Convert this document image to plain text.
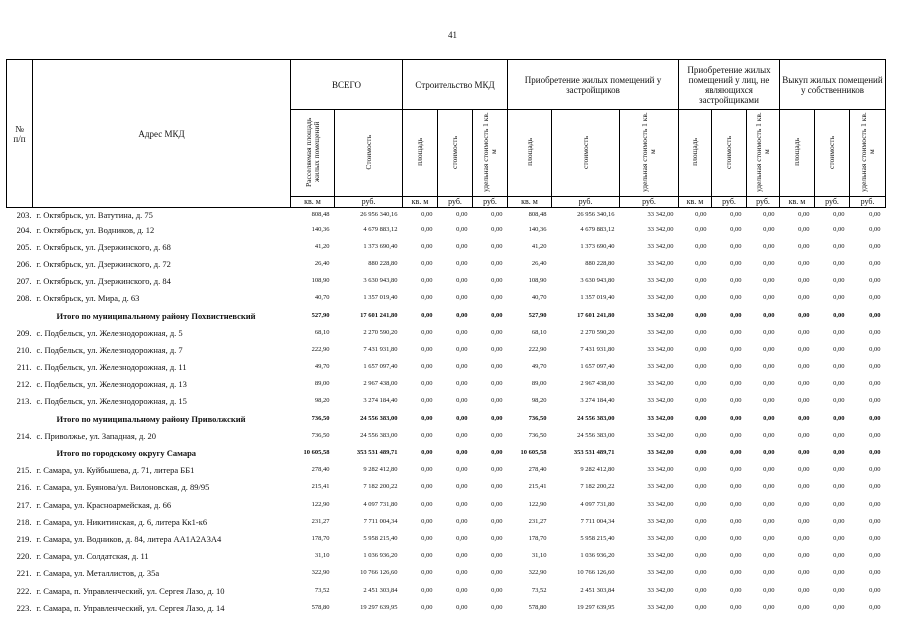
41
№
п/п	Адрес МКД	ВСЕГО		Строительство МКД			Приобретение жилых помещений у застройщиков			Приобретение жилых помещений у лиц, не являющихся застройщиками			Выкуп жилых помещений у собственников		
		Расселяемая площадь жилых помещений	Стоимость	площадь	стоимость	удельная стоимость 1 кв. м	площадь	стоимость	удельная стоимость 1 кв. м	площадь	стоимость	удельная стоимость 1 кв. м	площадь	стоимость	удельная стоимость 1 кв. м
		кв. м	руб.	кв. м	руб.	руб.	кв. м	руб.	руб.	кв. м	руб.	руб.	кв. м	руб.	руб.
203.	г. Октябрьск, ул. Ватутина, д. 75	808,48	26 956 340,16	0,00	0,00	0,00	808,48	26 956 340,16	33 342,00	0,00	0,00	0,00	0,00	0,00	0,00
204.	г. Октябрьск, ул. Водников, д. 12	140,36	4 679 883,12	0,00	0,00	0,00	140,36	4 679 883,12	33 342,00	0,00	0,00	0,00	0,00	0,00	0,00
205.	г. Октябрьск, ул. Дзержинского, д. 68	41,20	1 373 690,40	0,00	0,00	0,00	41,20	1 373 690,40	33 342,00	0,00	0,00	0,00	0,00	0,00	0,00
206.	г. Октябрьск, ул. Дзержинского, д. 72	26,40	880 228,80	0,00	0,00	0,00	26,40	880 228,80	33 342,00	0,00	0,00	0,00	0,00	0,00	0,00
207.	г. Октябрьск, ул. Дзержинского, д. 84	108,90	3 630 943,80	0,00	0,00	0,00	108,90	3 630 943,80	33 342,00	0,00	0,00	0,00	0,00	0,00	0,00
208.	г. Октябрьск, ул. Мира, д. 63	40,70	1 357 019,40	0,00	0,00	0,00	40,70	1 357 019,40	33 342,00	0,00	0,00	0,00	0,00	0,00	0,00
	Итого по муниципальному району Похвистневский	527,90	17 601 241,80	0,00	0,00	0,00	527,90	17 601 241,80	33 342,00	0,00	0,00	0,00	0,00	0,00	0,00
209.	с. Подбельск, ул. Железнодорожная, д. 5	68,10	2 270 590,20	0,00	0,00	0,00	68,10	2 270 590,20	33 342,00	0,00	0,00	0,00	0,00	0,00	0,00
210.	с. Подбельск, ул. Железнодорожная, д. 7	222,90	7 431 931,80	0,00	0,00	0,00	222,90	7 431 931,80	33 342,00	0,00	0,00	0,00	0,00	0,00	0,00
211.	с. Подбельск, ул. Железнодорожная, д. 11	49,70	1 657 097,40	0,00	0,00	0,00	49,70	1 657 097,40	33 342,00	0,00	0,00	0,00	0,00	0,00	0,00
212.	с. Подбельск, ул. Железнодорожная, д. 13	89,00	2 967 438,00	0,00	0,00	0,00	89,00	2 967 438,00	33 342,00	0,00	0,00	0,00	0,00	0,00	0,00
213.	с. Подбельск, ул. Железнодорожная, д. 15	98,20	3 274 184,40	0,00	0,00	0,00	98,20	3 274 184,40	33 342,00	0,00	0,00	0,00	0,00	0,00	0,00
	Итого по муниципальному району Приволжский	736,50	24 556 383,00	0,00	0,00	0,00	736,50	24 556 383,00	33 342,00	0,00	0,00	0,00	0,00	0,00	0,00
214.	с. Приволжье, ул. Западная, д. 20	736,50	24 556 383,00	0,00	0,00	0,00	736,50	24 556 383,00	33 342,00	0,00	0,00	0,00	0,00	0,00	0,00
	Итого по городскому округу Самара	10 605,58	353 531 489,71	0,00	0,00	0,00	10 605,58	353 531 489,71	33 342,00	0,00	0,00	0,00	0,00	0,00	0,00
215.	г. Самара, ул. Куйбышева, д. 71, литера ББ1	278,40	9 282 412,80	0,00	0,00	0,00	278,40	9 282 412,80	33 342,00	0,00	0,00	0,00	0,00	0,00	0,00
216.	г. Самара, ул. Буянова/ул. Вилоновская, д. 89/95	215,41	7 182 200,22	0,00	0,00	0,00	215,41	7 182 200,22	33 342,00	0,00	0,00	0,00	0,00	0,00	0,00
217.	г. Самара, ул. Красноармейская, д. 66	122,90	4 097 731,80	0,00	0,00	0,00	122,90	4 097 731,80	33 342,00	0,00	0,00	0,00	0,00	0,00	0,00
218.	г. Самара, ул. Никитинская, д. 6, литера Кк1-к6	231,27	7 711 004,34	0,00	0,00	0,00	231,27	7 711 004,34	33 342,00	0,00	0,00	0,00	0,00	0,00	0,00
219.	г. Самара, ул. Водников, д. 84, литера АА1А2А3А4	178,70	5 958 215,40	0,00	0,00	0,00	178,70	5 958 215,40	33 342,00	0,00	0,00	0,00	0,00	0,00	0,00
220.	г. Самара, ул. Солдатская, д. 11	31,10	1 036 936,20	0,00	0,00	0,00	31,10	1 036 936,20	33 342,00	0,00	0,00	0,00	0,00	0,00	0,00
221.	г. Самара, ул. Металлистов, д. 35а	322,90	10 766 126,60	0,00	0,00	0,00	322,90	10 766 126,60	33 342,00	0,00	0,00	0,00	0,00	0,00	0,00
222.	г. Самара, п. Управленческий, ул. Сергея Лазо, д. 10	73,52	2 451 303,84	0,00	0,00	0,00	73,52	2 451 303,84	33 342,00	0,00	0,00	0,00	0,00	0,00	0,00
223.	г. Самара, п. Управленческий, ул. Сергея Лазо, д. 14	578,80	19 297 639,95	0,00	0,00	0,00	578,80	19 297 639,95	33 342,00	0,00	0,00	0,00	0,00	0,00	0,00
